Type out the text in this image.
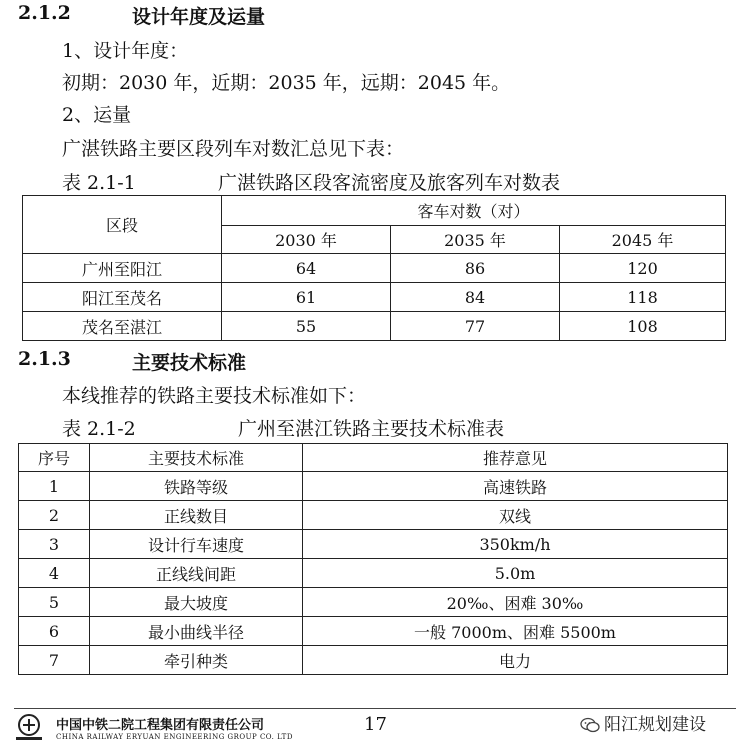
2.1.2	设计年度及运量
1、设计年度：
初期：2030 年，近期：2035 年，远期：2045 年。
2、运量
广湛铁路主要区段列车对数汇总见下表：
表 2.1-1	广湛铁路区段客流密度及旅客列车对数表
区段	客车对数（对）		
	2030 年	2035 年	2045 年
广州至阳江	64	86	120
阳江至茂名	61	84	118
茂名至湛江	55	77	108
2.1.3	主要技术标准
本线推荐的铁路主要技术标准如下：
表 2.1-2	广州至湛江铁路主要技术标准表
序号	主要技术标准	推荐意见
1	铁路等级	高速铁路
2	正线数目	双线
3	设计行车速度	350km/h
4	正线线间距	5.0m
5	最大坡度	20‰、困难 30‰
6	最小曲线半径	一般 7000m、困难 5500m
7	牵引种类	电力
中国中铁二院工程集团有限责任公司
CHINA RAILWAY ERYUAN ENGINEERING GROUP CO. LTD
17	阳江规划建设
